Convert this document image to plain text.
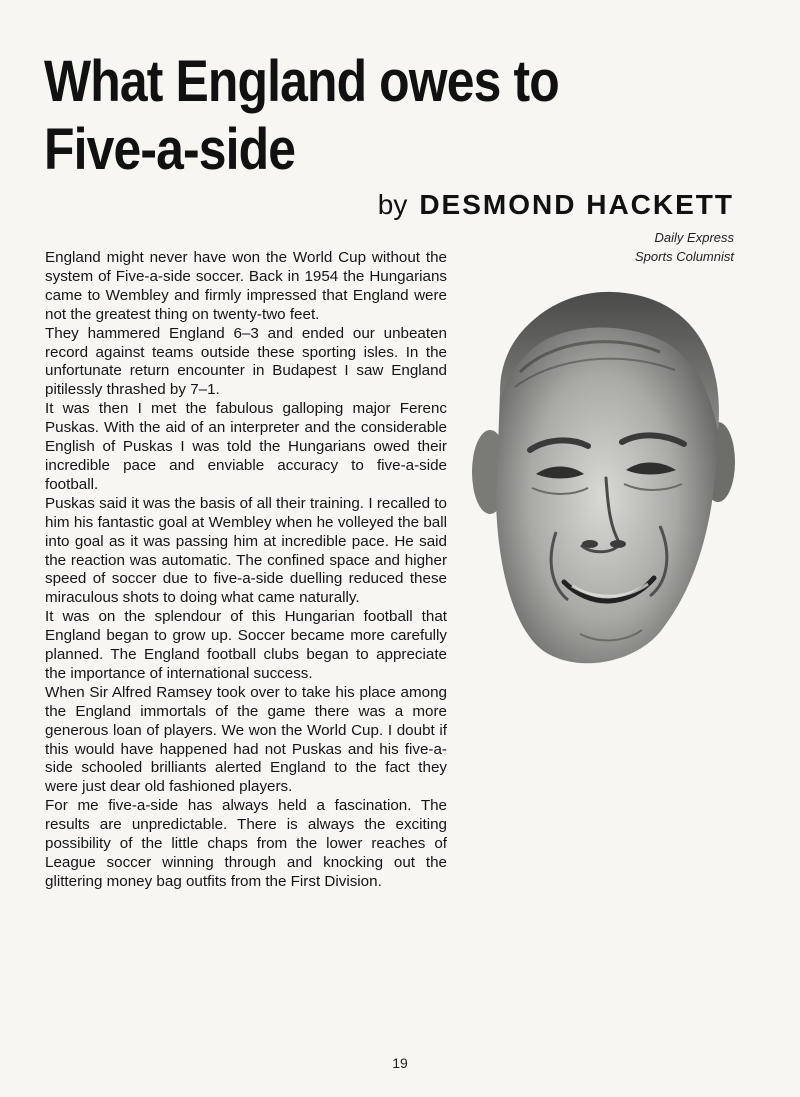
What England owes to
Five-a-side
by DESMOND HACKETT
Daily Express
Sports Columnist

England might never have won the World Cup without the system of Five-a-side soccer. Back in 1954 the Hungarians came to Wembley and firmly impressed that England were not the greatest thing on twenty-two feet.

They hammered England 6–3 and ended our unbeaten record against teams outside these sporting isles. In the unfortunate return encounter in Budapest I saw England pitilessly thrashed by 7–1.

It was then I met the fabulous galloping major Ferenc Puskas. With the aid of an interpreter and the considerable English of Puskas I was told the Hungarians owed their incredible pace and enviable accuracy to five-a-side football.

Puskas said it was the basis of all their training. I recalled to him his fantastic goal at Wembley when he volleyed the ball into goal as it was passing him at incredible pace. He said the reaction was automatic. The confined space and higher speed of soccer due to five-a-side duelling reduced these miraculous shots to doing what came naturally.

It was on the splendour of this Hungarian football that England began to grow up. Soccer became more carefully planned. The England football clubs began to appreciate the importance of international success.

When Sir Alfred Ramsey took over to take his place among the England immortals of the game there was a more generous loan of players. We won the World Cup. I doubt if this would have happened had not Puskas and his five-a-side schooled brilliants alerted England to the fact they were just dear old fashioned players.

For me five-a-side has always held a fascination. The results are unpredictable. There is always the exciting possibility of the little chaps from the lower reaches of League soccer winning through and knocking out the glittering money bag outfits from the First Division.

19
